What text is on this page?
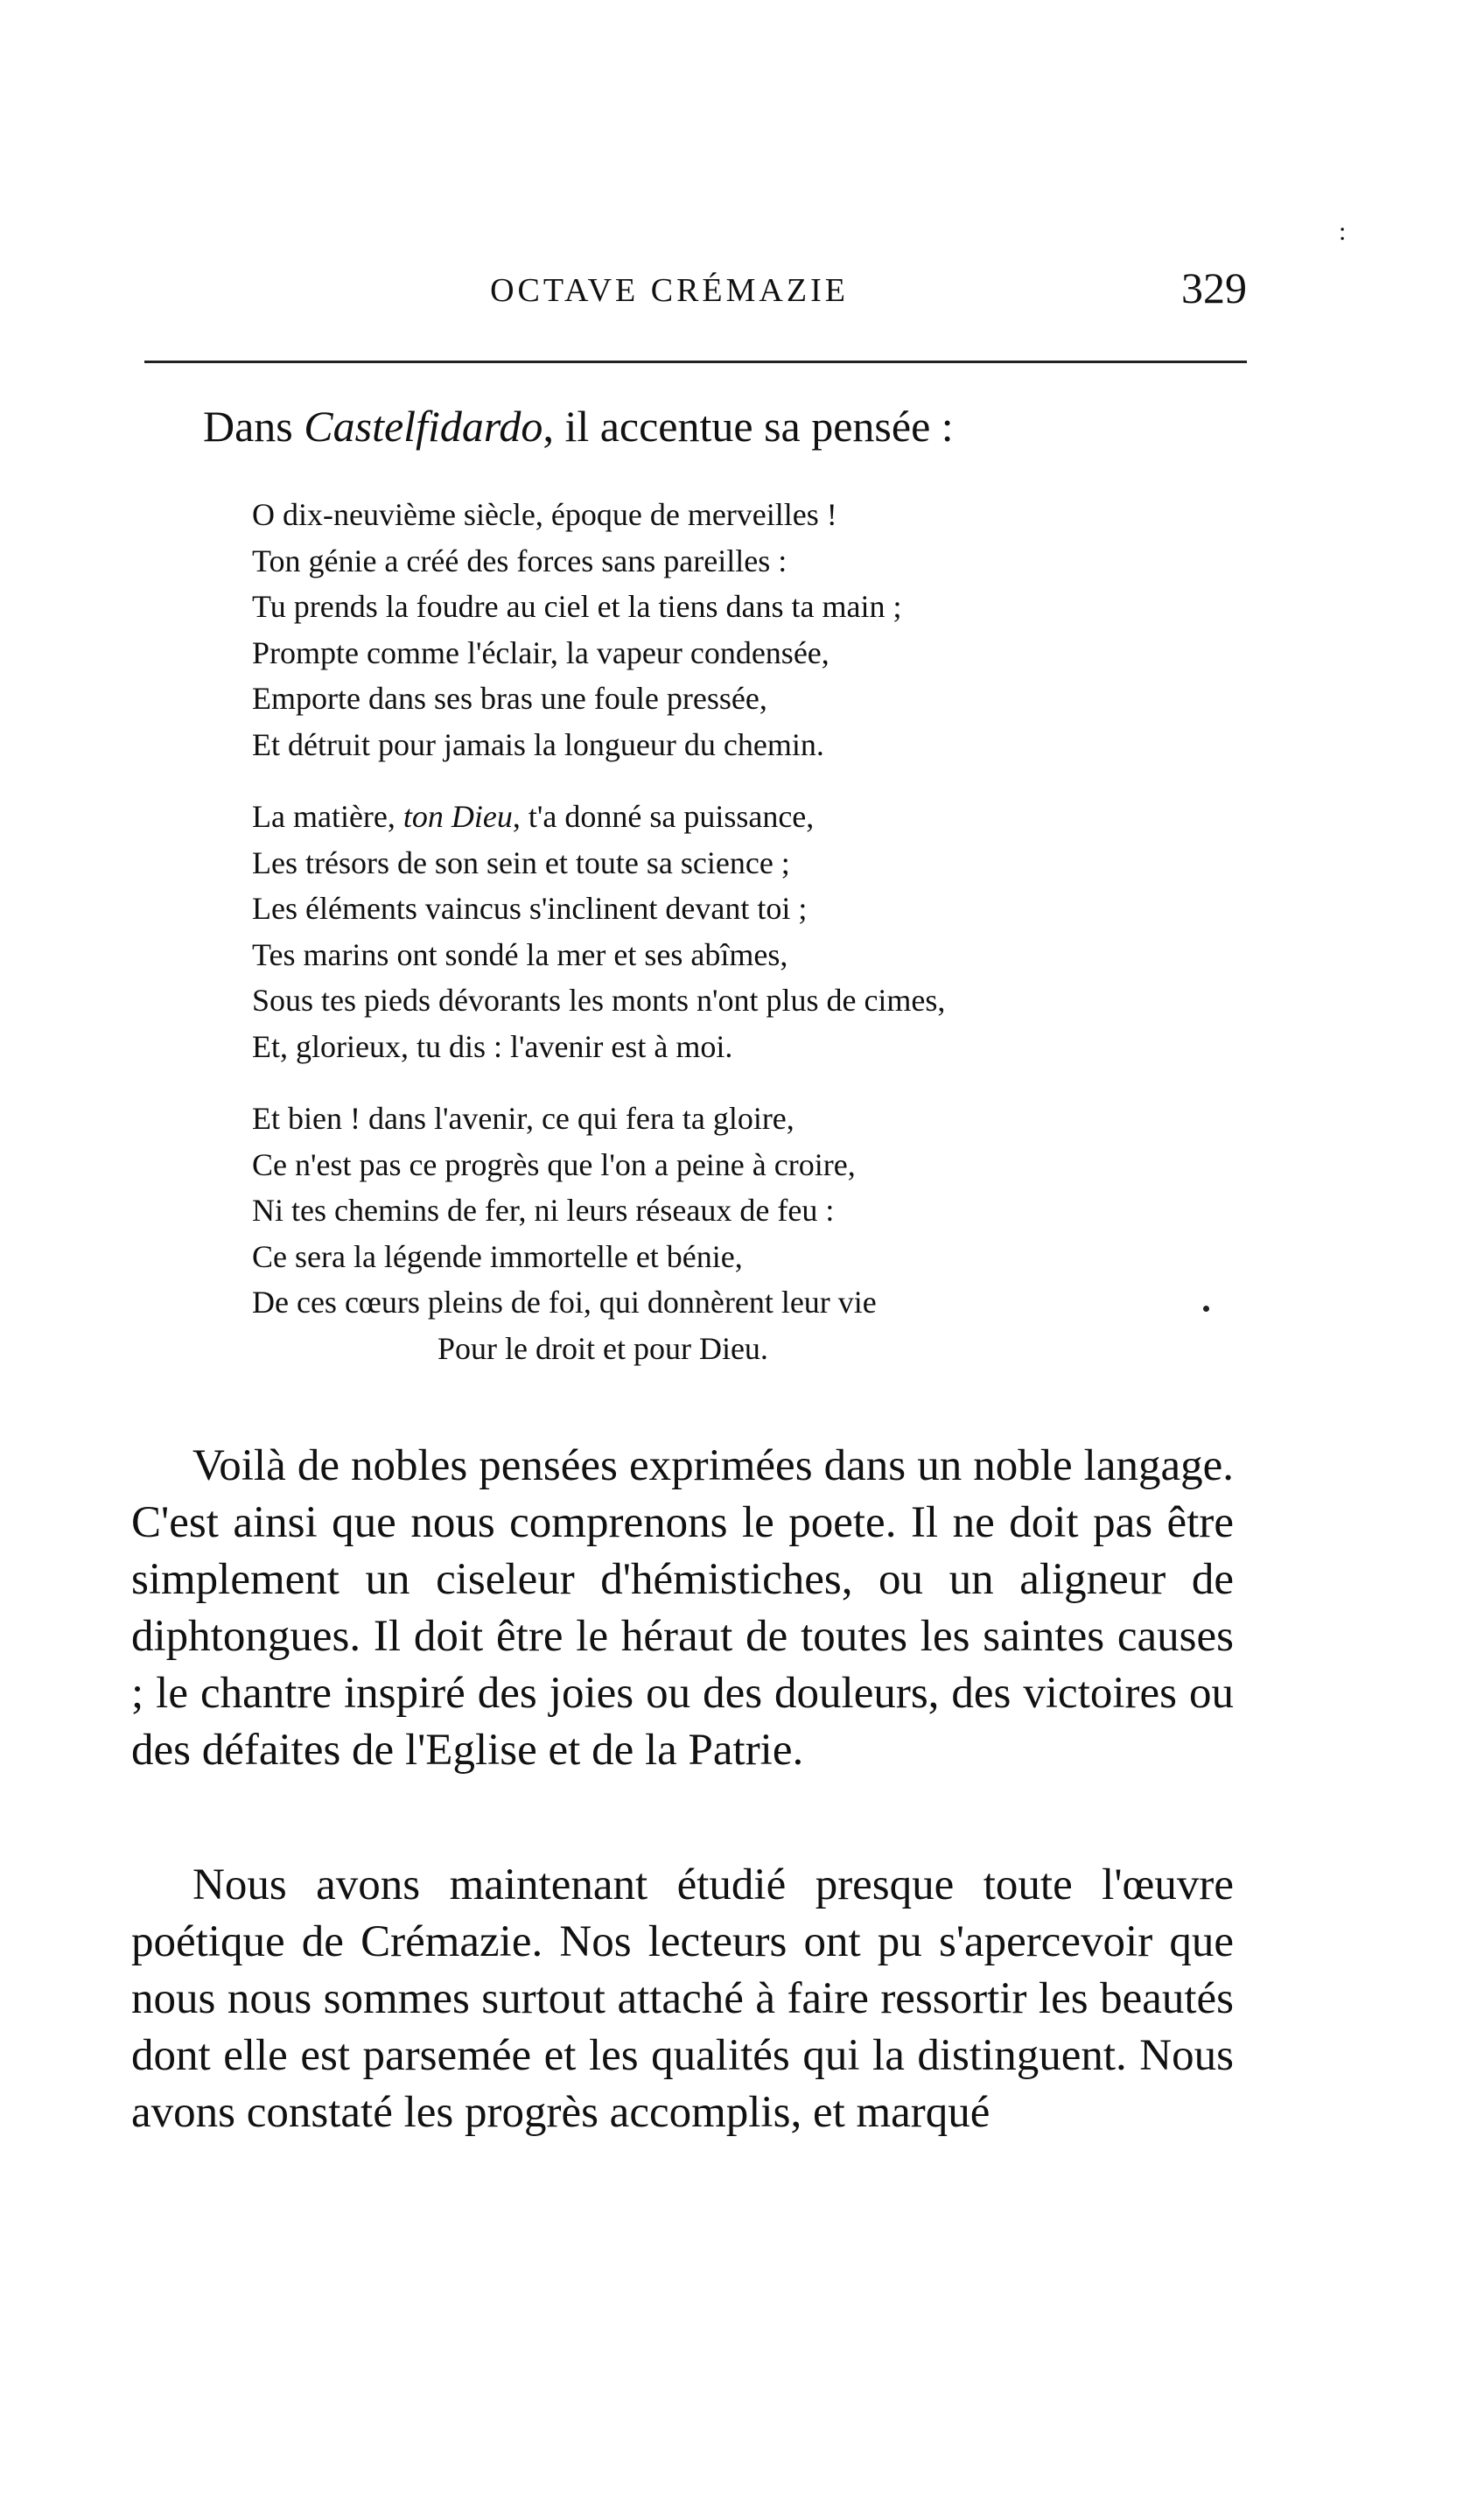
OCTAVE CRÉMAZIE	329
:
Dans Castelfidardo, il accentue sa pensée :
O dix-neuvième siècle, époque de merveilles !
Ton génie a créé des forces sans pareilles :
Tu prends la foudre au ciel et la tiens dans ta main ;
Prompte comme l'éclair, la vapeur condensée,
Emporte dans ses bras une foule pressée,
Et détruit pour jamais la longueur du chemin.
La matière, ton Dieu, t'a donné sa puissance,
Les trésors de son sein et toute sa science ;
Les éléments vaincus s'inclinent devant toi ;
Tes marins ont sondé la mer et ses abîmes,
Sous tes pieds dévorants les monts n'ont plus de cimes,
Et, glorieux, tu dis : l'avenir est à moi.
Et bien ! dans l'avenir, ce qui fera ta gloire,
Ce n'est pas ce progrès que l'on a peine à croire,
Ni tes chemins de fer, ni leurs réseaux de feu :
Ce sera la légende immortelle et bénie,
De ces cœurs pleins de foi, qui donnèrent leur vie
Pour le droit et pour Dieu.

Voilà de nobles pensées exprimées dans un noble langage. C'est ainsi que nous comprenons le poete. Il ne doit pas être simplement un ciseleur d'hémistiches, ou un aligneur de diphtongues. Il doit être le héraut de toutes les saintes causes ; le chantre inspiré des joies ou des douleurs, des victoires ou des défaites de l'Eglise et de la Patrie.

Nous avons maintenant étudié presque toute l'œuvre poétique de Crémazie. Nos lecteurs ont pu s'apercevoir que nous nous sommes surtout attaché à faire ressortir les beautés dont elle est parsemée et les qualités qui la distinguent. Nous avons constaté les progrès accomplis, et marqué
